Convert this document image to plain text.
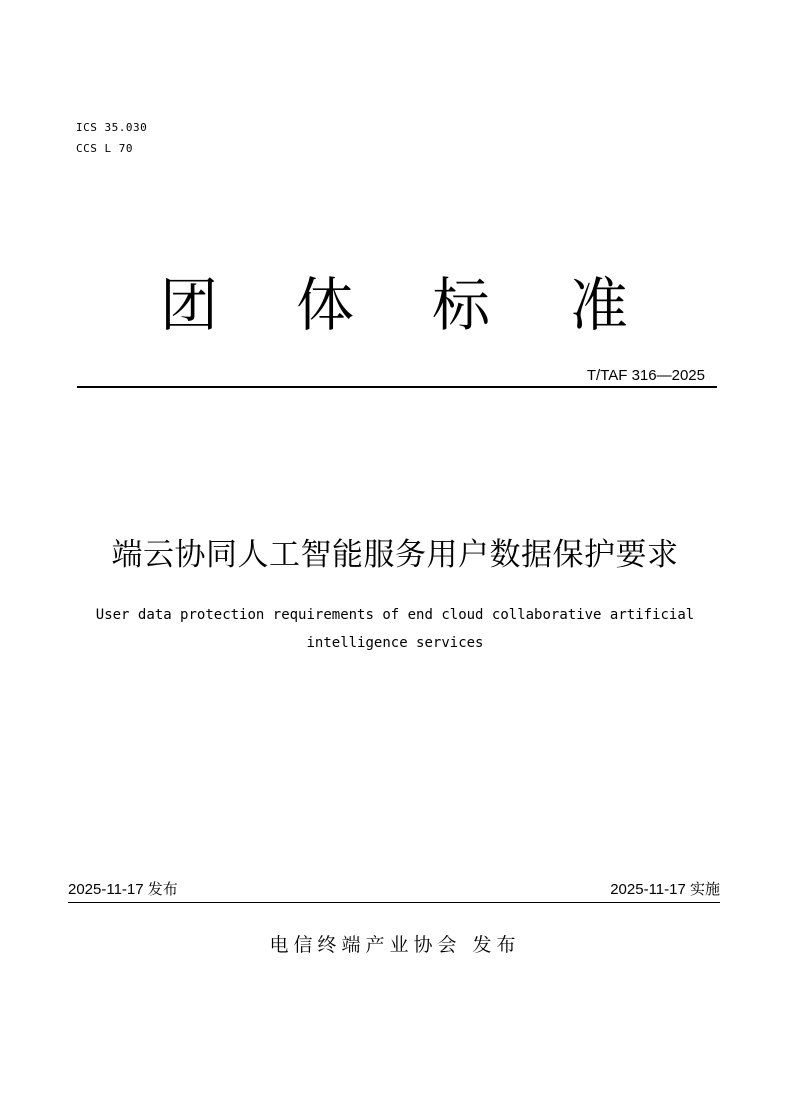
ICS 35.030
CCS L 70
团 体 标 准
T/TAF 316—2025
端云协同人工智能服务用户数据保护要求
User data protection requirements of end cloud collaborative artificial intelligence services
2025-11-17 发布	2025-11-17 实施
电信终端产业协会 发布
